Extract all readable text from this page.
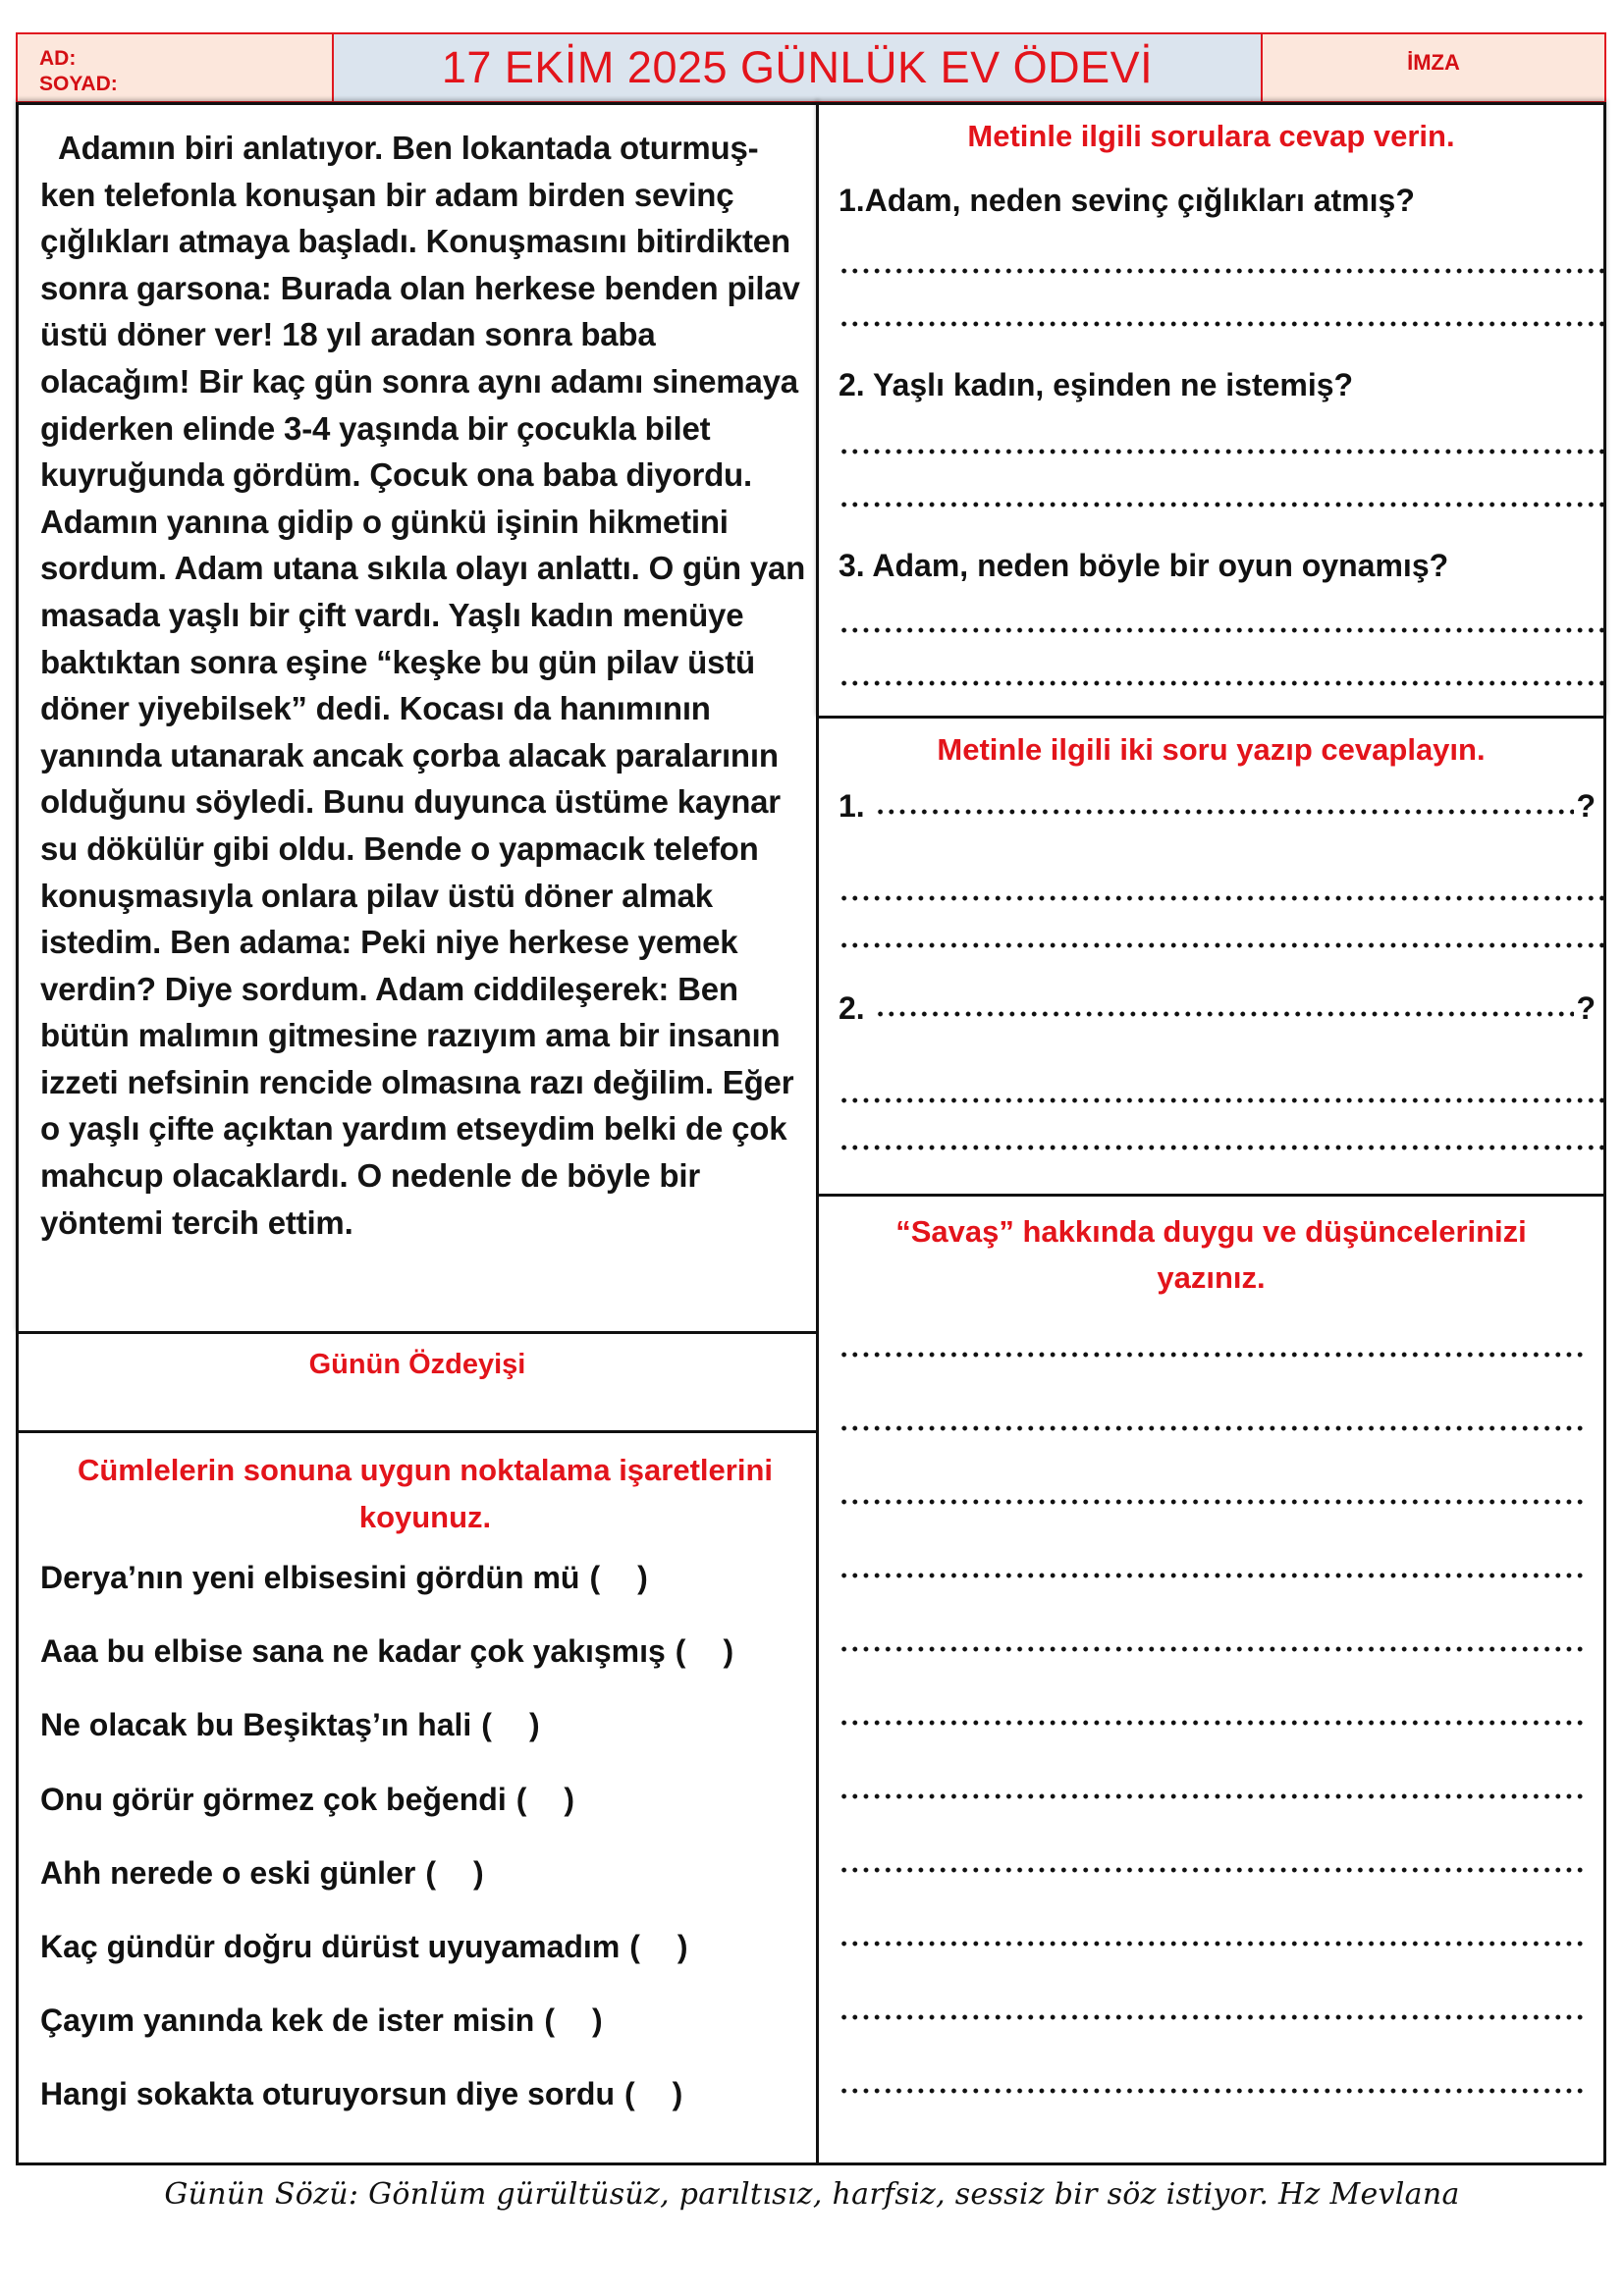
AD:
SOYAD:	17 EKİM 2025 GÜNLÜK EV ÖDEVİ	İMZA

Adamın biri anlatıyor. Ben lokantada oturmuş-ken telefonla konuşan bir adam birden sevinç çığlıkları atmaya başladı. Konuşmasını bitirdikten sonra garsona: Burada olan herkese benden pilav üstü döner ver! 18 yıl aradan sonra baba olacağım! Bir kaç gün sonra aynı adamı sinemaya giderken elinde 3-4 yaşında bir çocukla bilet kuyruğunda gördüm. Çocuk ona baba diyordu. Adamın yanına gidip o günkü işinin hikmetini sordum. Adam utana sıkıla olayı anlattı. O gün yan masada yaşlı bir çift vardı. Yaşlı kadın menüye baktıktan sonra eşine “keşke bu gün pilav üstü döner yiyebilsek” dedi. Kocası da hanımının yanında utanarak ancak çorba alacak paralarının olduğunu söyledi. Bunu duyunca üstüme kaynar su dökülür gibi oldu. Bende o yapmacık telefon konuşmasıyla onlara pilav üstü döner almak istedim. Ben adama: Peki niye herkese yemek verdin? Diye sordum. Adam ciddileşerek: Ben bütün malımın gitmesine razıyım ama bir insanın izzeti nefsinin rencide olmasına razı değilim. Eğer o yaşlı çifte açıktan yardım etseydim belki de çok mahcup olacaklardı. O nedenle de böyle bir yöntemi tercih ettim.

Günün Özdeyişi
Cümlelerin sonuna uygun noktalama işaretlerini koyunuz.
Derya’nın yeni elbisesini gördün mü ( )
Aaa bu elbise sana ne kadar çok yakışmış ( )
Ne olacak bu Beşiktaş’ın hali ( )
Onu görür görmez çok beğendi ( )
Ahh nerede o eski günler ( )
Kaç gündür doğru dürüst uyuyamadım ( )
Çayım yanında kek de ister misin ( )
Hangi sokakta oturuyorsun diye sordu ( )
Metinle ilgili sorulara cevap verin.
1.Adam, neden sevinç çığlıkları atmış?
2. Yaşlı kadın, eşinden ne istemiş?
3. Adam, neden böyle bir oyun oynamış?
Metinle ilgili iki soru yazıp cevaplayın.
1.	?
2.	?
“Savaş” hakkında duygu ve düşüncelerinizi yazınız.
Günün Sözü: Gönlüm gürültüsüz, parıltısız, harfsiz, sessiz bir söz istiyor. Hz Mevlana
